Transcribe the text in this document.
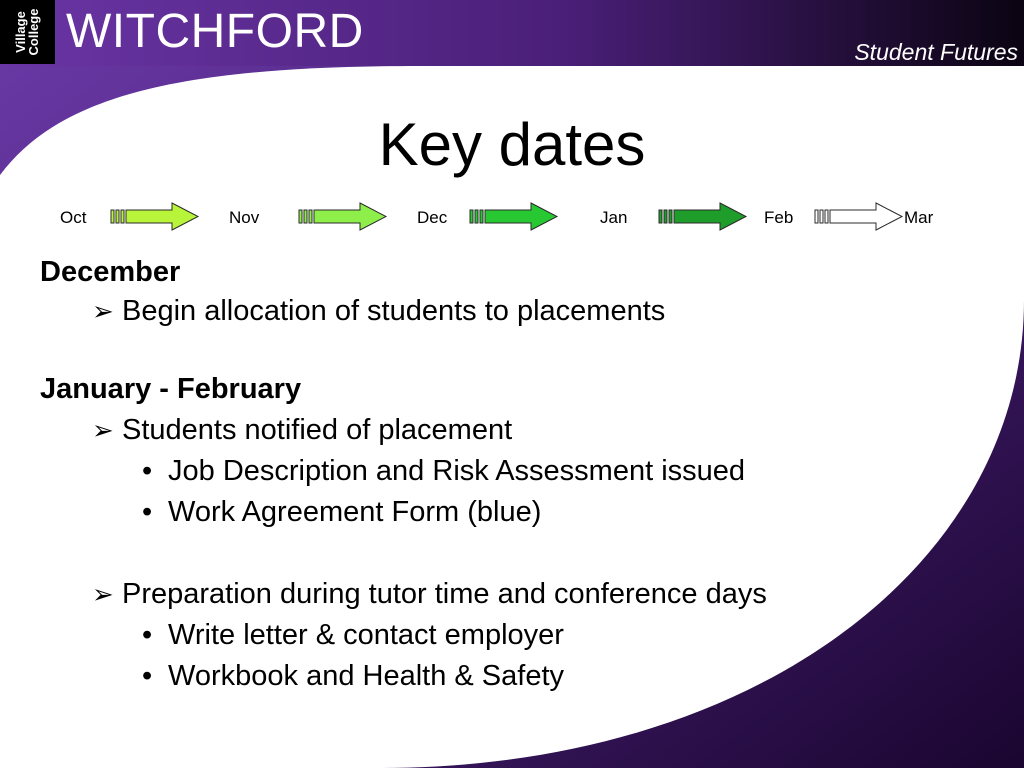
Village
College WITCHFORD	Student Futures
Key dates
Oct	Nov	Dec	Jan	Feb	Mar
December
➢ Begin allocation of students to placements
January - February
➢ Students notified of placement
• Job Description and Risk Assessment issued
• Work Agreement Form (blue)
➢ Preparation during tutor time and conference days
• Write letter & contact employer
• Workbook and Health & Safety
